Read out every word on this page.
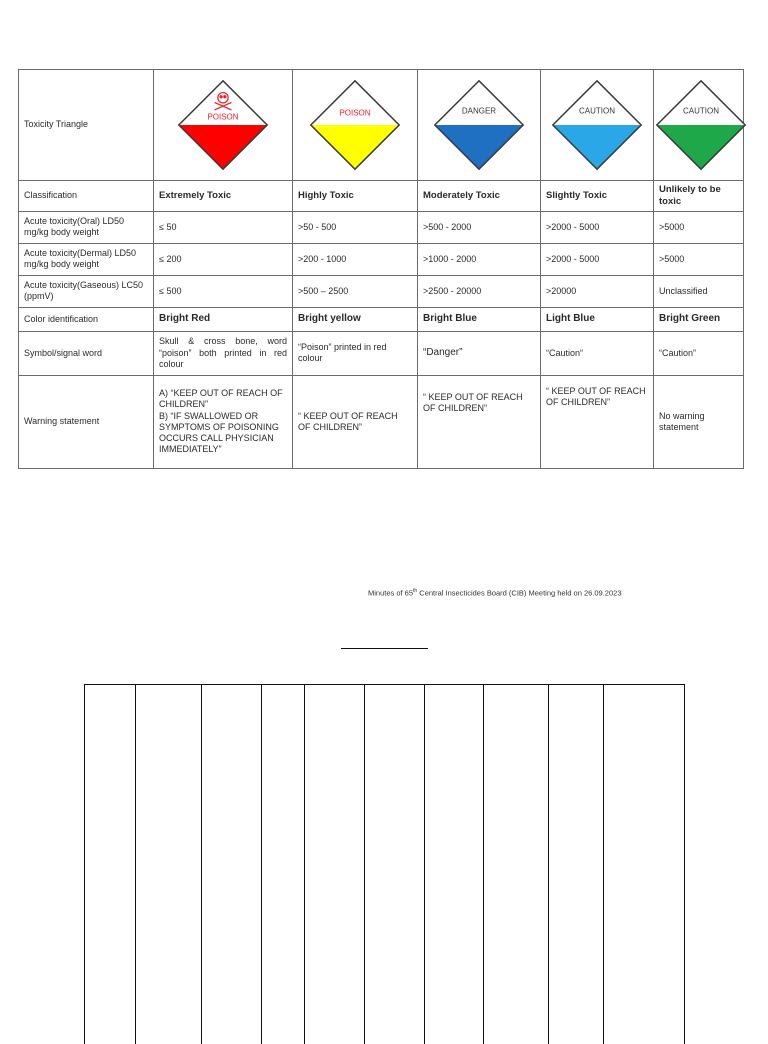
Toxicity Triangle	POISON	POISON	DANGER	CAUTION	CAUTION

Classification	Extremely Toxic	Highly Toxic	Moderately Toxic	Slightly Toxic	Unlikely to be toxic
Acute toxicity(Oral) LD50 mg/kg body weight	≤ 50	>50 - 500	>500 - 2000	>2000 - 5000	>5000
Acute toxicity(Dermal) LD50 mg/kg body weight	≤ 200	>200 - 1000	>1000 - 2000	>2000 - 5000	>5000
Acute toxicity(Gaseous) LC50 (ppmV)	≤ 500	>500 – 2500	>2500 - 20000	>20000	Unclassified
Color identification	Bright Red	Bright yellow	Bright Blue	Light Blue	Bright Green
Symbol/signal word	Skull & cross bone, word “poison” both printed in red colour	“Poison” printed in red colour	“Danger”	“Caution“	“Caution”
Warning statement	A) “KEEP OUT OF REACH OF CHILDREN”
B) “IF SWALLOWED OR SYMPTOMS OF POISONING OCCURS CALL PHYSICIAN IMMEDIATELY”	“ KEEP OUT OF REACH OF CHILDREN”	“ KEEP OUT OF REACH OF CHILDREN”	“ KEEP OUT OF REACH OF CHILDREN”	No warning statement
Minutes of 65th Central Insecticides Board (CIB) Meeting held on 26.09.2023
